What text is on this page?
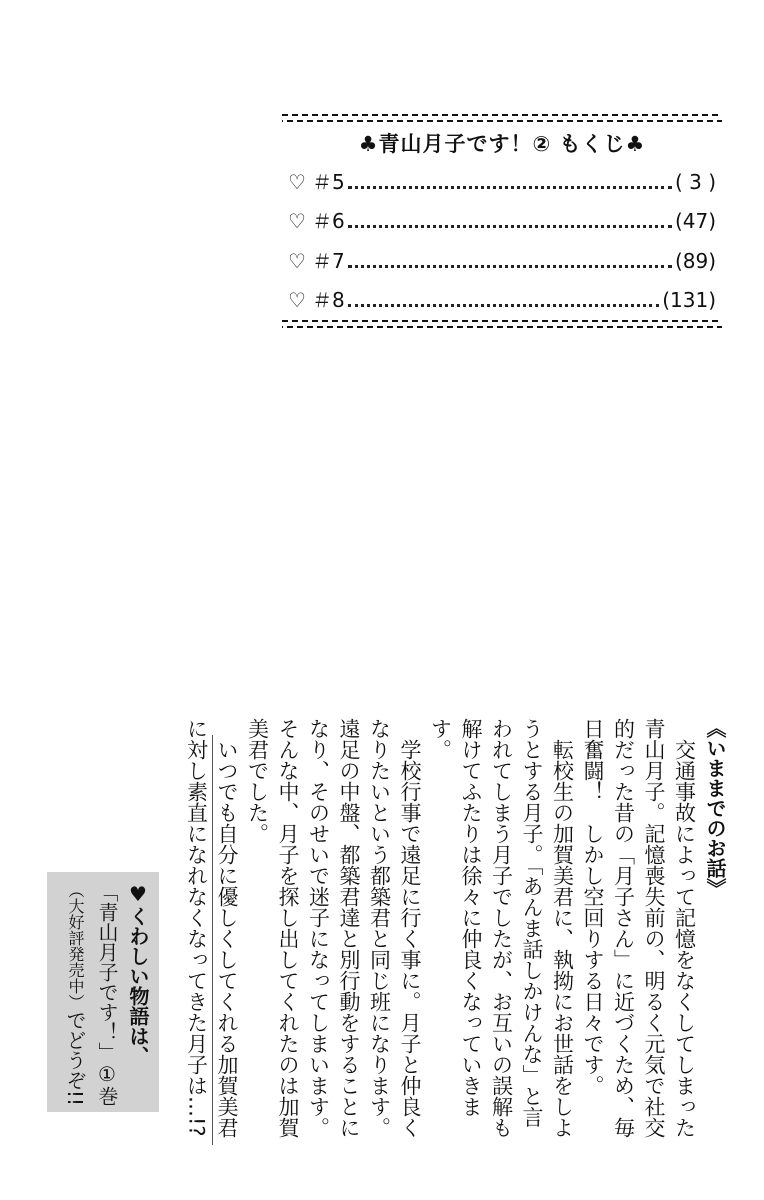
♣青山月子です！② もくじ♣
♡ ＃5	( 3 )
♡ ＃6	(47)
♡ ＃7	(89)
♡ ＃8	(131)

《いままでのお話》

　交通事故によって記憶をなくしてしまった青山月子。記憶喪失前の、明るく元気で社交的だった昔の「月子さん」に近づくため、毎日奮闘！　しかし空回りする日々です。

　転校生の加賀美君に、執拗にお世話をしようとする月子。「あんま話しかけんな」と言われてしまう月子でしたが、お互いの誤解も解けてふたりは徐々に仲良くなっていきます。

　学校行事で遠足に行く事に。月子と仲良くなりたいという都築君と同じ班になります。遠足の中盤、都築君達と別行動をすることになり、そのせいで迷子になってしまいます。そんな中、月子を探し出してくれたのは加賀美君でした。

　いつでも自分に優しくしてくれる加賀美君に対し素直になれなくなってきた月子は…!?

♥くわしい物語は、
「青山月子です！」①巻
（大好評発売中）でどうぞ!!
